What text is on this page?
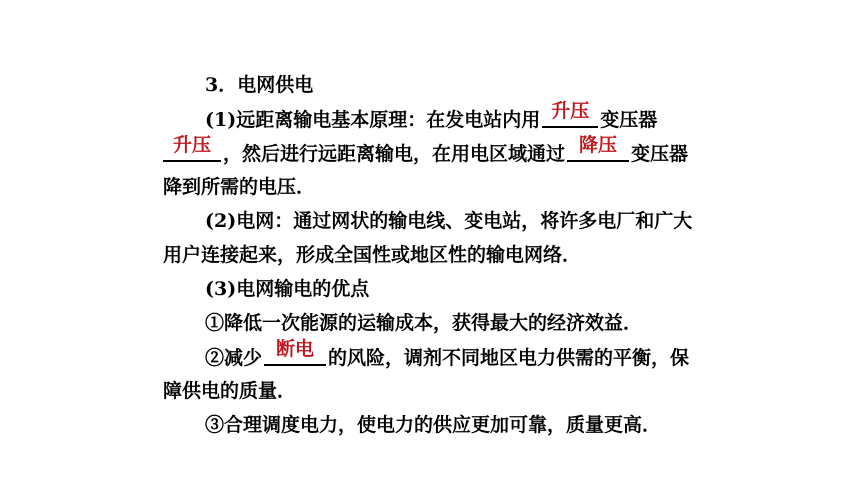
3．电网供电
(1)远距离输电基本原理：在发电站内用 升压 变压器
升压 ，然后进行远距离输电，在用电区域通过 降压 变压器
降到所需的电压．
(2)电网：通过网状的输电线、变电站，将许多电厂和广大
用户连接起来，形成全国性或地区性的输电网络．
(3)电网输电的优点
①降低一次能源的运输成本，获得最大的经济效益．
②减少 断电 的风险，调剂不同地区电力供需的平衡，保
障供电的质量．
③合理调度电力，使电力的供应更加可靠，质量更高．
